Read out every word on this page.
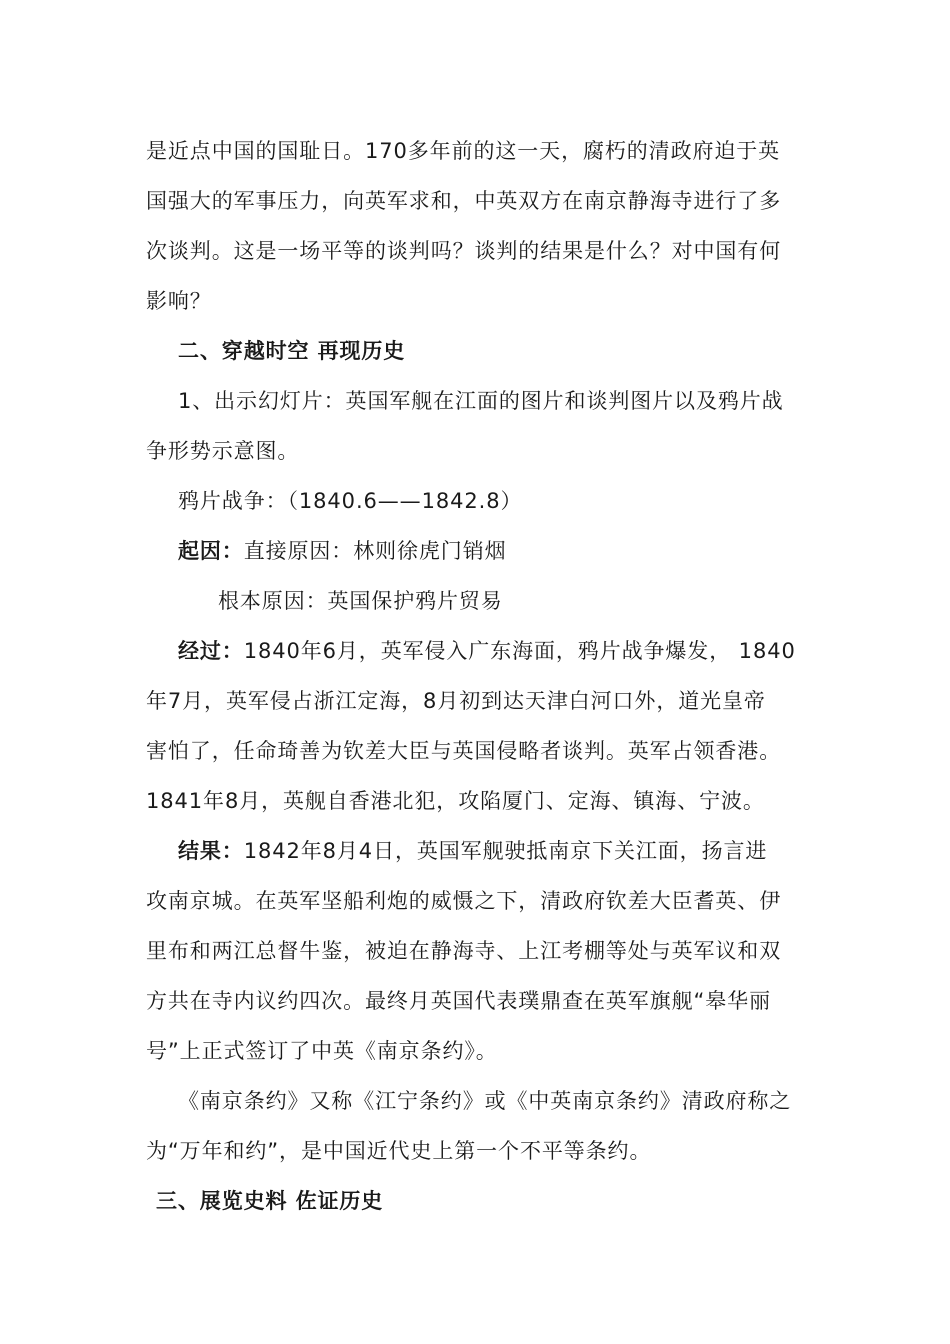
是近点中国的国耻日。170多年前的这一天，腐朽的清政府迫于英
国强大的军事压力，向英军求和，中英双方在南京静海寺进行了多
次谈判。这是一场平等的谈判吗？谈判的结果是什么？对中国有何
影响？
二、穿越时空 再现历史
1、出示幻灯片：英国军舰在江面的图片和谈判图片以及鸦片战
争形势示意图。
鸦片战争：（1840.6——1842.8）
起因：直接原因：林则徐虎门销烟
根本原因：英国保护鸦片贸易
经过：1840年6月，英军侵入广东海面，鸦片战争爆发， 1840
年7月，英军侵占浙江定海，8月初到达天津白河口外，道光皇帝
害怕了，任命琦善为钦差大臣与英国侵略者谈判。英军占领香港。
1841年8月，英舰自香港北犯，攻陷厦门、定海、镇海、宁波。
结果：1842年8月4日，英国军舰驶抵南京下关江面，扬言进
攻南京城。在英军坚船利炮的威慑之下，清政府钦差大臣耆英、伊
里布和两江总督牛鉴，被迫在静海寺、上江考棚等处与英军议和双
方共在寺内议约四次。最终月英国代表璞鼎查在英军旗舰“皋华丽
号”上正式签订了中英《南京条约》。
《南京条约》又称《江宁条约》或《中英南京条约》清政府称之
为“万年和约”，是中国近代史上第一个不平等条约。
三、展览史料 佐证历史
